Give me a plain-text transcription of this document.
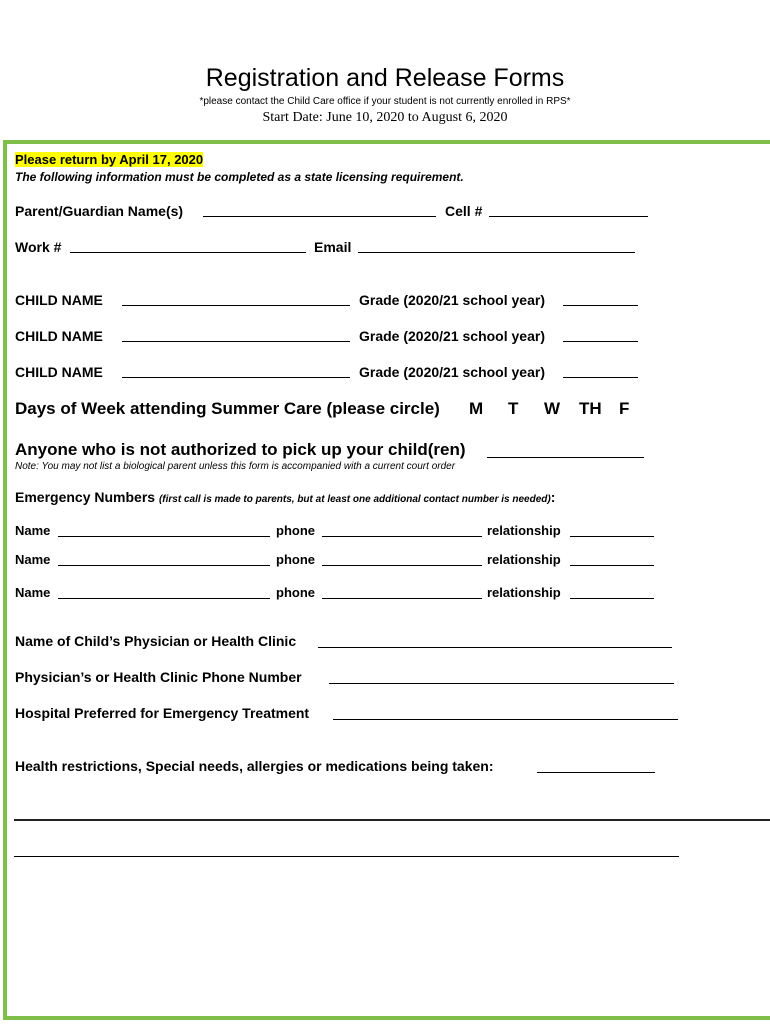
Registration and Release Forms
*please contact the Child Care office if your student is not currently enrolled in RPS*
Start Date: June 10, 2020 to August 6, 2020
Please return by April 17, 2020
The following information must be completed as a state licensing requirement.
Parent/Guardian Name(s)	Cell #
Work #	Email
CHILD NAME	Grade (2020/21 school year)
CHILD NAME	Grade (2020/21 school year)
CHILD NAME	Grade (2020/21 school year)
Days of Week attending Summer Care (please circle) M T W TH F
Anyone who is not authorized to pick up your child(ren)
Note: You may not list a biological parent unless this form is accompanied with a current court order
Emergency Numbers (first call is made to parents, but at least one additional contact number is needed):
Name	phone	relationship
Name	phone	relationship
Name	phone	relationship
Name of Child’s Physician or Health Clinic
Physician’s or Health Clinic Phone Number
Hospital Preferred for Emergency Treatment
Health restrictions, Special needs, allergies or medications being taken:
